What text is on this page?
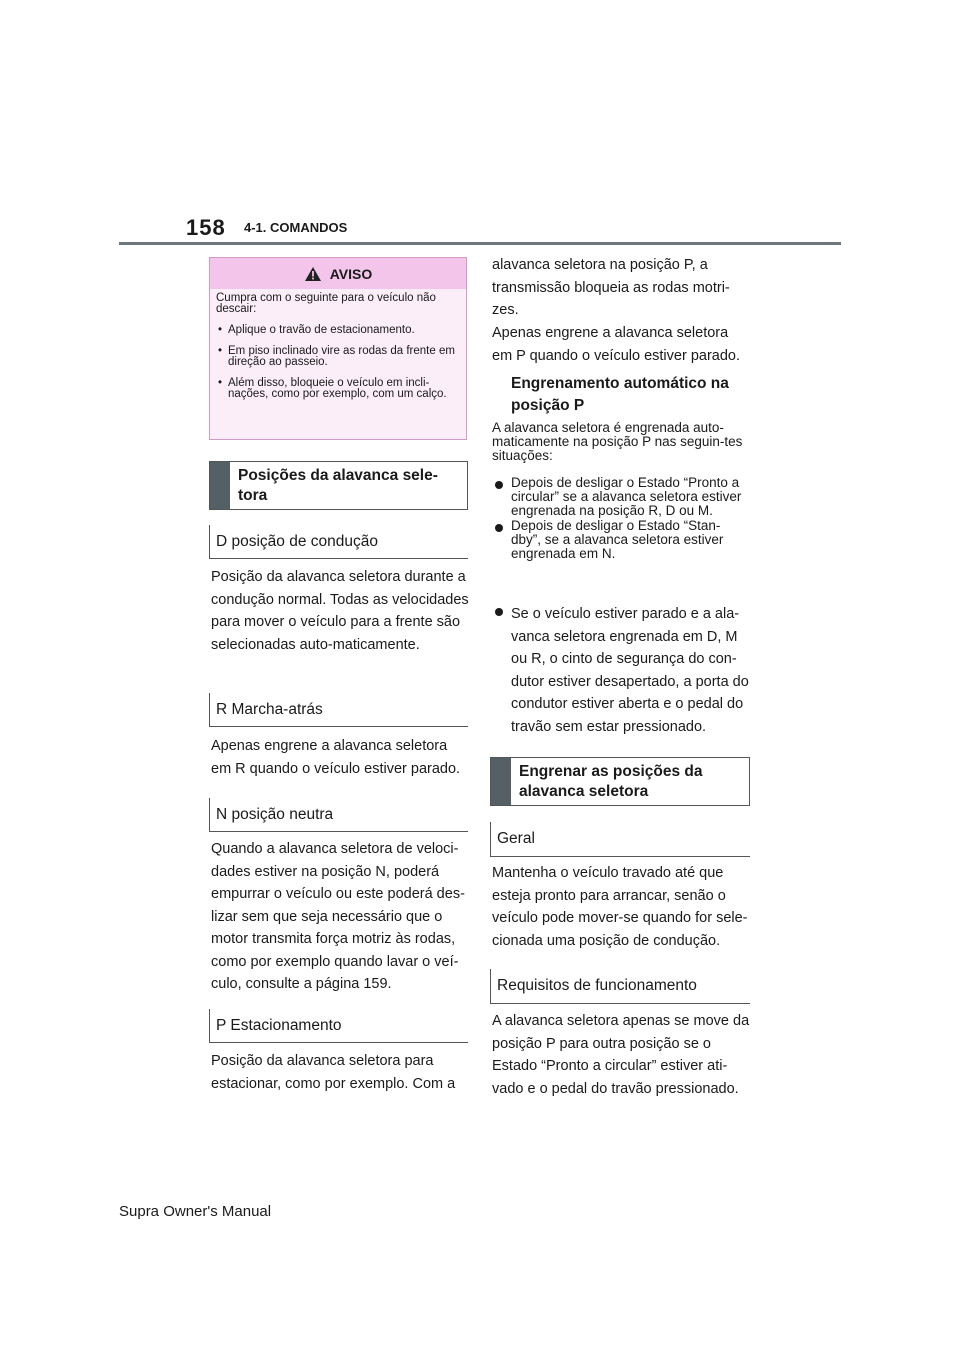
158 4-1. COMANDOS
AVISO

Cumpra com o seguinte para o veículo não descair:

• Aplique o travão de estacionamento.
• Em piso inclinado vire as rodas da frente em direção ao passeio.
• Além disso, bloqueie o veículo em incli-nações, como por exemplo, com um calço.
Posições da alavanca sele-tora
D posição de condução

Posição da alavanca seletora durante a condução normal. Todas as velocidades para mover o veículo para a frente são selecionadas auto-maticamente.

R Marcha-atrás

Apenas engrene a alavanca seletora em R quando o veículo estiver parado.

N posição neutra

Quando a alavanca seletora de veloci-dades estiver na posição N, poderá empurrar o veículo ou este poderá des-lizar sem que seja necessário que o motor transmita força motriz às rodas, como por exemplo quando lavar o veí-culo, consulte a página 159.

P Estacionamento

Posição da alavanca seletora para estacionar, como por exemplo. Com a

alavanca seletora na posição P, a transmissão bloqueia as rodas motri-zes.

Apenas engrene a alavanca seletora em P quando o veículo estiver parado.

Engrenamento automático na posição P

A alavanca seletora é engrenada auto-maticamente na posição P nas seguin-tes situações:

Depois de desligar o Estado “Pronto a circular” se a alavanca seletora estiver engrenada na posição R, D ou M.
Depois de desligar o Estado “Stan-dby”, se a alavanca seletora estiver engrenada em N.
Se o veículo estiver parado e a ala-vanca seletora engrenada em D, M ou R, o cinto de segurança do con-dutor estiver desapertado, a porta do condutor estiver aberta e o pedal do travão sem estar pressionado.
Engrenar as posições da alavanca seletora
Geral

Mantenha o veículo travado até que esteja pronto para arrancar, senão o veículo pode mover-se quando for sele-cionada uma posição de condução.

Requisitos de funcionamento

A alavanca seletora apenas se move da posição P para outra posição se o Estado “Pronto a circular” estiver ati-vado e o pedal do travão pressionado.

Supra Owner's Manual
